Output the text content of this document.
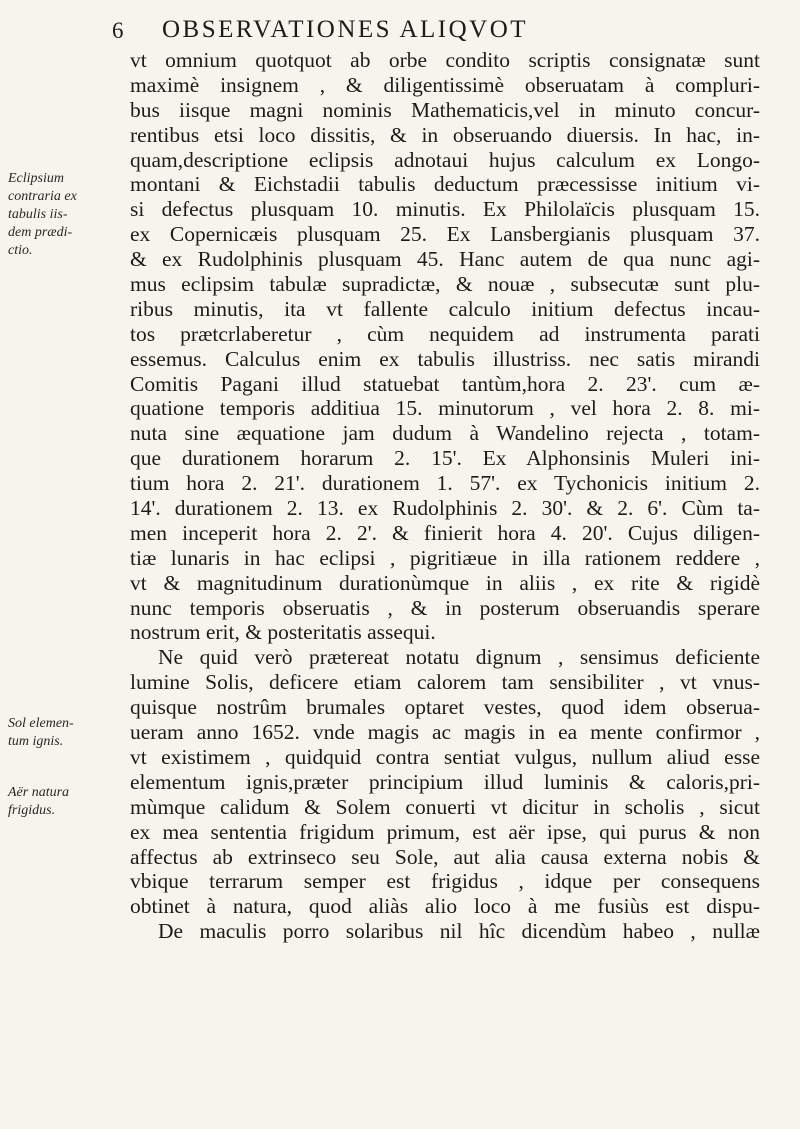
6 OBSERVATIONES ALIQVOT
Eclipsium
contraria ex
tabulis iis-
dem prædi-
ctio.
Sol elemen-
tum ignis.
Aër natura
frigidus.
vt omnium quotquot ab orbe condito scriptis consignatæ sunt
maximè insignem , & diligentissimè obseruatam à compluri-
bus iisque magni nominis Mathematicis,vel in minuto concur-
rentibus etsi loco dissitis, & in obseruando diuersis. In hac, in-
quam,descriptione eclipsis adnotaui hujus calculum ex Longo-
montani & Eichstadii tabulis deductum præcessisse initium vi-
si defectus plusquam 10. minutis. Ex Philolaïcis plusquam 15.
ex Copernicæis plusquam 25. Ex Lansbergianis plusquam 37.
& ex Rudolphinis plusquam 45. Hanc autem de qua nunc agi-
mus eclipsim tabulæ supradictæ, & nouæ , subsecutæ sunt plu-
ribus minutis, ita vt fallente calculo initium defectus incau-
tos prætcrlaberetur , cùm nequidem ad instrumenta parati
essemus. Calculus enim ex tabulis illustriss. nec satis mirandi
Comitis Pagani illud statuebat tantùm,hora 2. 23'. cum æ-
quatione temporis additiua 15. minutorum , vel hora 2. 8. mi-
nuta sine æquatione jam dudum à Wandelino rejecta , totam-
que durationem horarum 2. 15'. Ex Alphonsinis Muleri ini-
tium hora 2. 21'. durationem 1. 57'. ex Tychonicis initium 2.
14'. durationem 2. 13. ex Rudolphinis 2. 30'. & 2. 6'. Cùm ta-
men inceperit hora 2. 2'. & finierit hora 4. 20'. Cujus diligen-
tiæ lunaris in hac eclipsi , pigritiæue in illa rationem reddere ,
vt & magnitudinum durationùmque in aliis , ex rite & rigidè
nunc temporis obseruatis , & in posterum obseruandis sperare
nostrum erit, & posteritatis assequi.
Ne quid verò prætereat notatu dignum , sensimus deficiente
lumine Solis, deficere etiam calorem tam sensibiliter , vt vnus-
quisque nostrûm brumales optaret vestes, quod idem obserua-
ueram anno 1652. vnde magis ac magis in ea mente confirmor ,
vt existimem , quidquid contra sentiat vulgus, nullum aliud esse
elementum ignis,præter principium illud luminis & caloris,pri-
mùmque calidum & Solem conuerti vt dicitur in scholis , sicut
ex mea sententia frigidum primum, est aër ipse, qui purus & non
affectus ab extrinseco seu Sole, aut alia causa externa nobis &
vbique terrarum semper est frigidus , idque per consequens
obtinet à natura, quod aliàs alio loco à me fusiùs est dispu-
De maculis porro solaribus nil hîc dicendùm habeo , nullæ
